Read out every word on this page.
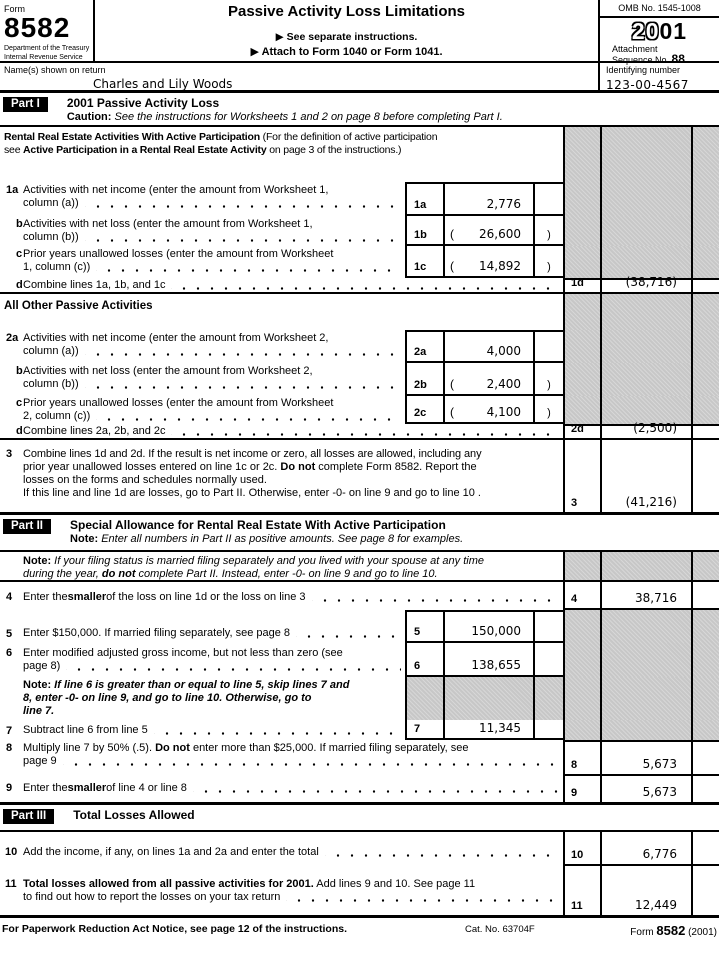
Form 8582
Department of the Treasury
Internal Revenue Service
Passive Activity Loss Limitations
▶ See separate instructions.
▶ Attach to Form 1040 or Form 1041.
OMB No. 1545-1008
2001
Attachment
Sequence No. 88
Name(s) shown on return
Charles and Lily Woods
Identifying number
123-00-4567
Part I 2001 Passive Activity Loss
Caution: See the instructions for Worksheets 1 and 2 on page 8 before completing Part I.
Rental Real Estate Activities With Active Participation (For the definition of active participation
see Active Participation in a Rental Real Estate Activity on page 3 of the instructions.)
1a Activities with net income (enter the amount from Worksheet 1,
column (a))	1a	2,776
b Activities with net loss (enter the amount from Worksheet 1,
column (b))	1b ( 26,600 )
c Prior years unallowed losses (enter the amount from Worksheet
1, column (c))	1c ( 14,892 )
d Combine lines 1a, 1b, and 1c	1d	(38,716)
All Other Passive Activities
2a Activities with net income (enter the amount from Worksheet 2,
column (a))	2a	4,000
b Activities with net loss (enter the amount from Worksheet 2,
column (b))	2b (	2,400 )
c Prior years unallowed losses (enter the amount from Worksheet
2, column (c))	2c (	4,100 )
d Combine lines 2a, 2b, and 2c	2d	(2,500)
3 Combine lines 1d and 2d. If the result is net income or zero, all losses are allowed, including any
prior year unallowed losses entered on line 1c or 2c. Do not complete Form 8582. Report the
losses on the forms and schedules normally used.
If this line and line 1d are losses, go to Part II. Otherwise, enter -0- on line 9 and go to line 10 .
3	(41,216)
Part II Special Allowance for Rental Real Estate With Active Participation
Note: Enter all numbers in Part II as positive amounts. See page 8 for examples.
Note: If your filing status is married filing separately and you lived with your spouse at any time
during the year, do not complete Part II. Instead, enter -0- on line 9 and go to line 10.
4 Enter the smaller of the loss on line 1d or the loss on line 3	4	38,716
5 Enter $150,000. If married filing separately, see page 8	5	150,000
6 Enter modified adjusted gross income, but not less than zero (see
page 8)	6	138,655
Note: If line 6 is greater than or equal to line 5, skip lines 7 and
8, enter -0- on line 9, and go to line 10. Otherwise, go to
line 7.
7 Subtract line 6 from line 5	7	11,345
8 Multiply line 7 by 50% (.5). Do not enter more than $25,000. If married filing separately, see
page 9	8	5,673
9 Enter the smaller of line 4 or line 8	9	5,673
Part III Total Losses Allowed
10 Add the income, if any, on lines 1a and 2a and enter the total	10	6,776
11 Total losses allowed from all passive activities for 2001. Add lines 9 and 10. See page 11
to find out how to report the losses on your tax return
11	12,449
For Paperwork Reduction Act Notice, see page 12 of the instructions.	Cat. No. 63704F	Form 8582 (2001)
